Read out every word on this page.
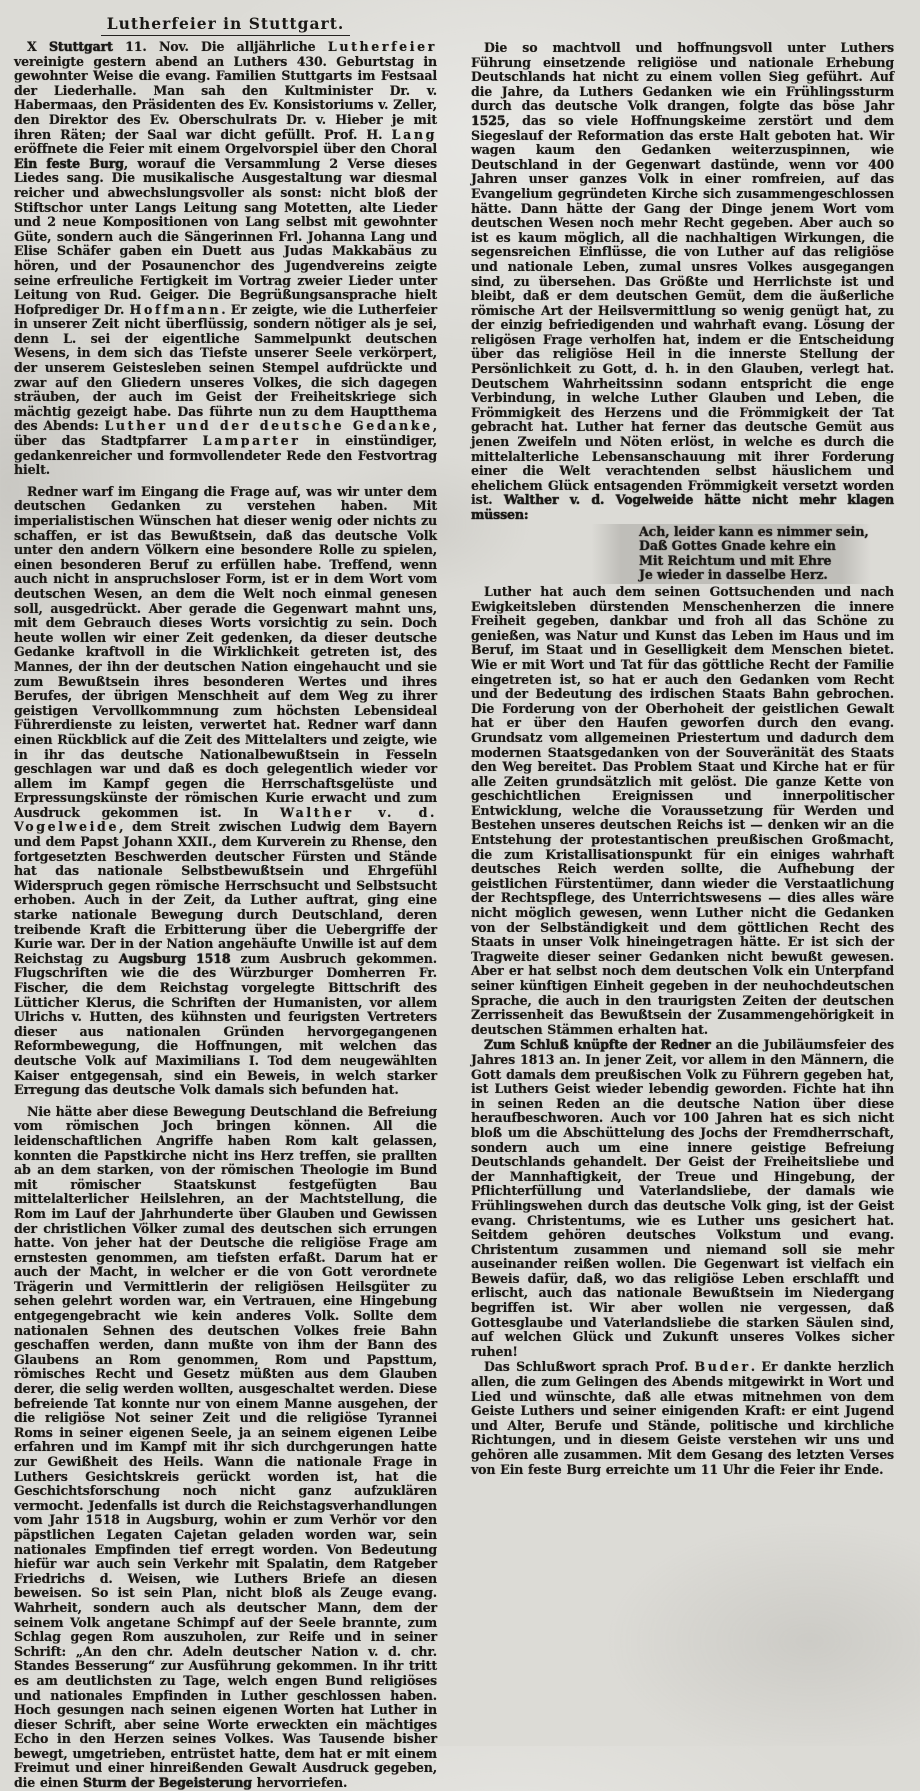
Lutherfeier in Stuttgart.

X Stuttgart 11. Nov. Die alljährliche Lutherfeier vereinigte gestern abend an Luthers 430. Geburtstag in gewohnter Weise die evang. Familien Stuttgarts im Festsaal der Liederhalle. Man sah den Kultminister Dr. v. Habermaas, den Präsidenten des Ev. Konsistoriums v. Zeller, den Direktor des Ev. Oberschulrats Dr. v. Hieber je mit ihren Räten; der Saal war dicht gefüllt. Prof. H. Lang eröffnete die Feier mit einem Orgelvorspiel über den Choral Ein feste Burg, worauf die Versammlung 2 Verse dieses Liedes sang. Die musikalische Ausgestaltung war diesmal reicher und abwechslungsvoller als sonst: nicht bloß der Stiftschor unter Langs Leitung sang Motetten, alte Lieder und 2 neue Kompositionen von Lang selbst mit gewohnter Güte, sondern auch die Sängerinnen Frl. Johanna Lang und Elise Schäfer gaben ein Duett aus Judas Makkabäus zu hören, und der Posaunenchor des Jugendvereins zeigte seine erfreuliche Fertigkeit im Vortrag zweier Lieder unter Leitung von Rud. Geiger. Die Begrüßungsansprache hielt Hofprediger Dr. Hoffmann. Er zeigte, wie die Lutherfeier in unserer Zeit nicht überflüssig, sondern nötiger als je sei, denn L. sei der eigentliche Sammelpunkt deutschen Wesens, in dem sich das Tiefste unserer Seele verkörpert, der unserem Geistesleben seinen Stempel aufdrückte und zwar auf den Gliedern unseres Volkes, die sich dagegen sträuben, der auch im Geist der Freiheitskriege sich mächtig gezeigt habe. Das führte nun zu dem Hauptthema des Abends: Luther und der deutsche Gedanke, über das Stadtpfarrer Lamparter in einstündiger, gedankenreicher und formvollendeter Rede den Festvortrag hielt.

Redner warf im Eingang die Frage auf, was wir unter dem deutschen Gedanken zu verstehen haben. Mit imperialistischen Wünschen hat dieser wenig oder nichts zu schaffen, er ist das Bewußtsein, daß das deutsche Volk unter den andern Völkern eine besondere Rolle zu spielen, einen besonderen Beruf zu erfüllen habe. Treffend, wenn auch nicht in anspruchsloser Form, ist er in dem Wort vom deutschen Wesen, an dem die Welt noch einmal genesen soll, ausgedrückt. Aber gerade die Gegenwart mahnt uns, mit dem Gebrauch dieses Worts vorsichtig zu sein. Doch heute wollen wir einer Zeit gedenken, da dieser deutsche Gedanke kraftvoll in die Wirklichkeit getreten ist, des Mannes, der ihn der deutschen Nation eingehaucht und sie zum Bewußtsein ihres besonderen Wertes und ihres Berufes, der übrigen Menschheit auf dem Weg zu ihrer geistigen Vervollkommnung zum höchsten Lebensideal Führerdienste zu leisten, verwertet hat. Redner warf dann einen Rückblick auf die Zeit des Mittelalters und zeigte, wie in ihr das deutsche Nationalbewußtsein in Fesseln geschlagen war und daß es doch gelegentlich wieder vor allem im Kampf gegen die Herrschaftsgelüste und Erpressungskünste der römischen Kurie erwacht und zum Ausdruck gekommen ist. In Walther v. d. Vogelweide, dem Streit zwischen Ludwig dem Bayern und dem Papst Johann XXII., dem Kurverein zu Rhense, den fortgesetzten Beschwerden deutscher Fürsten und Stände hat das nationale Selbstbewußtsein und Ehrgefühl Widerspruch gegen römische Herrschsucht und Selbstsucht erhoben. Auch in der Zeit, da Luther auftrat, ging eine starke nationale Bewegung durch Deutschland, deren treibende Kraft die Erbitterung über die Uebergriffe der Kurie war. Der in der Nation angehäufte Unwille ist auf dem Reichstag zu Augsburg 1518 zum Ausbruch gekommen. Flugschriften wie die des Würzburger Domherren Fr. Fischer, die dem Reichstag vorgelegte Bittschrift des Lütticher Klerus, die Schriften der Humanisten, vor allem Ulrichs v. Hutten, des kühnsten und feurigsten Vertreters dieser aus nationalen Gründen hervorgegangenen Reformbewegung, die Hoffnungen, mit welchen das deutsche Volk auf Maximilians I. Tod dem neugewählten Kaiser entgegensah, sind ein Beweis, in welch starker Erregung das deutsche Volk damals sich befunden hat.

Nie hätte aber diese Bewegung Deutschland die Befreiung vom römischen Joch bringen können. All die leidenschaftlichen Angriffe haben Rom kalt gelassen, konnten die Papstkirche nicht ins Herz treffen, sie prallten ab an dem starken, von der römischen Theologie im Bund mit römischer Staatskunst festgefügten Bau mittelalterlicher Heilslehren, an der Machtstellung, die Rom im Lauf der Jahrhunderte über Glauben und Gewissen der christlichen Völker zumal des deutschen sich errungen hatte. Von jeher hat der Deutsche die religiöse Frage am ernstesten genommen, am tiefsten erfaßt. Darum hat er auch der Macht, in welcher er die von Gott verordnete Trägerin und Vermittlerin der religiösen Heilsgüter zu sehen gelehrt worden war, ein Vertrauen, eine Hingebung entgegengebracht wie kein anderes Volk. Sollte dem nationalen Sehnen des deutschen Volkes freie Bahn geschaffen werden, dann mußte von ihm der Bann des Glaubens an Rom genommen, Rom und Papsttum, römisches Recht und Gesetz müßten aus dem Glauben derer, die selig werden wollten, ausgeschaltet werden. Diese befreiende Tat konnte nur von einem Manne ausgehen, der die religiöse Not seiner Zeit und die religiöse Tyrannei Roms in seiner eigenen Seele, ja an seinem eigenen Leibe erfahren und im Kampf mit ihr sich durchgerungen hatte zur Gewißheit des Heils. Wann die nationale Frage in Luthers Gesichtskreis gerückt worden ist, hat die Geschichtsforschung noch nicht ganz aufzuklären vermocht. Jedenfalls ist durch die Reichstagsverhandlungen vom Jahr 1518 in Augsburg, wohin er zum Verhör vor den päpstlichen Legaten Cajetan geladen worden war, sein nationales Empfinden tief erregt worden. Von Bedeutung hiefür war auch sein Verkehr mit Spalatin, dem Ratgeber Friedrichs d. Weisen, wie Luthers Briefe an diesen beweisen. So ist sein Plan, nicht bloß als Zeuge evang. Wahrheit, sondern auch als deutscher Mann, dem der seinem Volk angetane Schimpf auf der Seele brannte, zum Schlag gegen Rom auszuholen, zur Reife und in seiner Schrift: „An den chr. Adeln deutscher Nation v. d. chr. Standes Besserung“ zur Ausführung gekommen. In ihr tritt es am deutlichsten zu Tage, welch engen Bund religiöses und nationales Empfinden in Luther geschlossen haben. Hoch gesungen nach seinen eigenen Worten hat Luther in dieser Schrift, aber seine Worte erweckten ein mächtiges Echo in den Herzen seines Volkes. Was Tausende bisher bewegt, umgetrieben, entrüstet hatte, dem hat er mit einem Freimut und einer hinreißenden Gewalt Ausdruck gegeben, die einen Sturm der Begeisterung hervorriefen.

Die so machtvoll und hoffnungsvoll unter Luthers Führung einsetzende religiöse und nationale Erhebung Deutschlands hat nicht zu einem vollen Sieg geführt. Auf die Jahre, da Luthers Gedanken wie ein Frühlingssturm durch das deutsche Volk drangen, folgte das böse Jahr 1525, das so viele Hoffnungskeime zerstört und dem Siegeslauf der Reformation das erste Halt geboten hat. Wir wagen kaum den Gedanken weiterzuspinnen, wie Deutschland in der Gegenwart dastünde, wenn vor 400 Jahren unser ganzes Volk in einer romfreien, auf das Evangelium gegründeten Kirche sich zusammengeschlossen hätte. Dann hätte der Gang der Dinge jenem Wort vom deutschen Wesen noch mehr Recht gegeben. Aber auch so ist es kaum möglich, all die nachhaltigen Wirkungen, die segensreichen Einflüsse, die von Luther auf das religiöse und nationale Leben, zumal unsres Volkes ausgegangen sind, zu übersehen. Das Größte und Herrlichste ist und bleibt, daß er dem deutschen Gemüt, dem die äußerliche römische Art der Heilsvermittlung so wenig genügt hat, zu der einzig befriedigenden und wahrhaft evang. Lösung der religösen Frage verholfen hat, indem er die Entscheidung über das religiöse Heil in die innerste Stellung der Persönlichkeit zu Gott, d. h. in den Glauben, verlegt hat. Deutschem Wahrheitssinn sodann entspricht die enge Verbindung, in welche Luther Glauben und Leben, die Frömmigkeit des Herzens und die Frömmigkeit der Tat gebracht hat. Luther hat ferner das deutsche Gemüt aus jenen Zweifeln und Nöten erlöst, in welche es durch die mittelalterliche Lebensanschauung mit ihrer Forderung einer die Welt verachtenden selbst häuslichem und ehelichem Glück entsagenden Frömmigkeit versetzt worden ist. Walther v. d. Vogelweide hätte nicht mehr klagen müssen:

Ach, leider kann es nimmer sein,
Daß Gottes Gnade kehre ein
Mit Reichtum und mit Ehre
Je wieder in dasselbe Herz.

Luther hat auch dem seinen Gottsuchenden und nach Ewigkeitsleben dürstenden Menschenherzen die innere Freiheit gegeben, dankbar und froh all das Schöne zu genießen, was Natur und Kunst das Leben im Haus und im Beruf, im Staat und in Geselligkeit dem Menschen bietet. Wie er mit Wort und Tat für das göttliche Recht der Familie eingetreten ist, so hat er auch den Gedanken vom Recht und der Bedeutung des irdischen Staats Bahn gebrochen. Die Forderung von der Oberhoheit der geistlichen Gewalt hat er über den Haufen geworfen durch den evang. Grundsatz vom allgemeinen Priestertum und dadurch dem modernen Staatsgedanken von der Souveränität des Staats den Weg bereitet. Das Problem Staat und Kirche hat er für alle Zeiten grundsätzlich mit gelöst. Die ganze Kette von geschichtlichen Ereignissen und innerpolitischer Entwicklung, welche die Voraussetzung für Werden und Bestehen unseres deutschen Reichs ist — denken wir an die Entstehung der protestantischen preußischen Großmacht, die zum Kristallisationspunkt für ein einiges wahrhaft deutsches Reich werden sollte, die Aufhebung der geistlichen Fürstentümer, dann wieder die Verstaatlichung der Rechtspflege, des Unterrichtswesens — dies alles wäre nicht möglich gewesen, wenn Luther nicht die Gedanken von der Selbständigkeit und dem göttlichen Recht des Staats in unser Volk hineingetragen hätte. Er ist sich der Tragweite dieser seiner Gedanken nicht bewußt gewesen. Aber er hat selbst noch dem deutschen Volk ein Unterpfand seiner künftigen Einheit gegeben in der neuhochdeutschen Sprache, die auch in den traurigsten Zeiten der deutschen Zerrissenheit das Bewußtsein der Zusammengehörigkeit in deutschen Stämmen erhalten hat.

Zum Schluß knüpfte der Redner an die Jubiläumsfeier des Jahres 1813 an. In jener Zeit, vor allem in den Männern, die Gott damals dem preußischen Volk zu Führern gegeben hat, ist Luthers Geist wieder lebendig geworden. Fichte hat ihn in seinen Reden an die deutsche Nation über diese heraufbeschworen. Auch vor 100 Jahren hat es sich nicht bloß um die Abschüttelung des Jochs der Fremdherrschaft, sondern auch um eine innere geistige Befreiung Deutschlands gehandelt. Der Geist der Freiheitsliebe und der Mannhaftigkeit, der Treue und Hingebung, der Pflichterfüllung und Vaterlandsliebe, der damals wie Frühlingswehen durch das deutsche Volk ging, ist der Geist evang. Christentums, wie es Luther uns gesichert hat. Seitdem gehören deutsches Volkstum und evang. Christentum zusammen und niemand soll sie mehr auseinander reißen wollen. Die Gegenwart ist vielfach ein Beweis dafür, daß, wo das religiöse Leben erschlafft und erlischt, auch das nationale Bewußtsein im Niedergang begriffen ist. Wir aber wollen nie vergessen, daß Gottesglaube und Vaterlandsliebe die starken Säulen sind, auf welchen Glück und Zukunft unseres Volkes sicher ruhen!

Das Schlußwort sprach Prof. Buder. Er dankte herzlich allen, die zum Gelingen des Abends mitgewirkt in Wort und Lied und wünschte, daß alle etwas mitnehmen von dem Geiste Luthers und seiner einigenden Kraft: er eint Jugend und Alter, Berufe und Stände, politische und kirchliche Richtungen, und in diesem Geiste verstehen wir uns und gehören alle zusammen. Mit dem Gesang des letzten Verses von Ein feste Burg erreichte um 11 Uhr die Feier ihr Ende.
